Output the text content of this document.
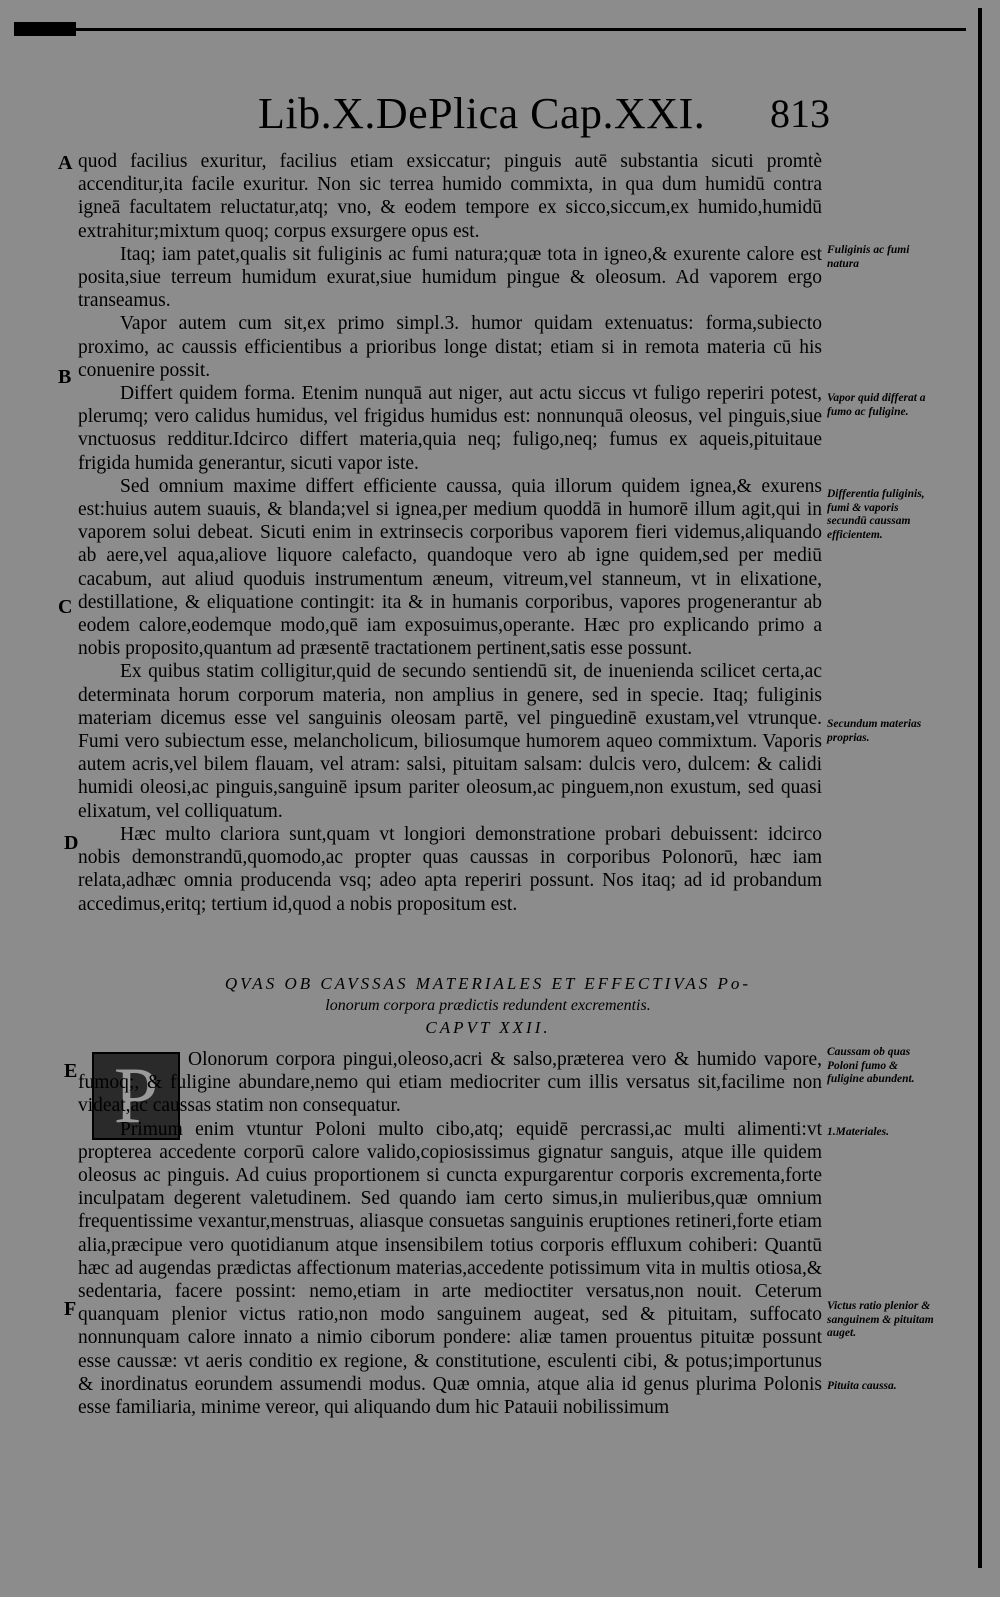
Lib.X.DePlica Cap.XXI. 813
A
B
C
D
E
F

quod facilius exuritur, facilius etiam exsiccatur; pinguis autē substantia sicuti promtè accenditur,ita facile exuritur. Non sic terrea humido commixta, in qua dum humidū contra igneā facultatem reluctatur,atq; vno, & eodem tempore ex sicco,siccum,ex humido,humidū extrahitur;mixtum quoq; corpus exsurgere opus est.

Itaq; iam patet,qualis sit fuliginis ac fumi natura;quæ tota in igneo,& exurente calore est posita,siue terreum humidum exurat,siue humidum pingue & oleosum. Ad vaporem ergo transeamus.

Vapor autem cum sit,ex primo simpl.3. humor quidam extenuatus: forma,subiecto proximo, ac caussis efficientibus a prioribus longe distat; etiam si in remota materia cū his conuenire possit.

Differt quidem forma. Etenim nunquā aut niger, aut actu siccus vt fuligo reperiri potest, plerumq; vero calidus humidus, vel frigidus humidus est: nonnunquā oleosus, vel pinguis,siue vnctuosus redditur.Idcirco differt materia,quia neq; fuligo,neq; fumus ex aqueis,pituitaue frigida humida generantur, sicuti vapor iste.

Sed omnium maxime differt efficiente caussa, quia illorum quidem ignea,& exurens est:huius autem suauis, & blanda;vel si ignea,per medium quoddā in humorē illum agit,qui in vaporem solui debeat. Sicuti enim in extrinsecis corporibus vaporem fieri videmus,aliquando ab aere,vel aqua,aliove liquore calefacto, quandoque vero ab igne quidem,sed per mediū cacabum, aut aliud quoduis instrumentum æneum, vitreum,vel stanneum, vt in elixatione, destillatione, & eliquatione contingit: ita & in humanis corporibus, vapores progenerantur ab eodem calore,eodemque modo,quē iam exposuimus,operante. Hæc pro explicando primo a nobis proposito,quantum ad præsentē tractationem pertinent,satis esse possunt.

Ex quibus statim colligitur,quid de secundo sentiendū sit, de inuenienda scilicet certa,ac determinata horum corporum materia, non amplius in genere, sed in specie. Itaq; fuliginis materiam dicemus esse vel sanguinis oleosam partē, vel pinguedinē exustam,vel vtrunque. Fumi vero subiectum esse, melancholicum, biliosumque humorem aqueo commixtum. Vaporis autem acris,vel bilem flauam, vel atram: salsi, pituitam salsam: dulcis vero, dulcem: & calidi humidi oleosi,ac pinguis,sanguinē ipsum pariter oleosum,ac pinguem,non exustum, sed quasi elixatum, vel colliquatum.

Hæc multo clariora sunt,quam vt longiori demonstratione probari debuissent: idcirco nobis demonstrandū,quomodo,ac propter quas caussas in corporibus Polonorū, hæc iam relata,adhæc omnia producenda vsq; adeo apta reperiri possunt. Nos itaq; ad id probandum accedimus,eritq; tertium id,quod a nobis propositum est.

QVAS OB CAVSSAS MATERIALES ET EFFECTIVAS Po-
lonorum corpora prædictis redundent excrementis.
CAPVT XXII.
P	Olonorum corpora pingui,oleoso,acri & salso,præterea vero & humido vapore, fumoq;, & fuligine abundare,nemo qui etiam mediocriter cum illis versatus sit,facilime non videat,ac caussas statim non consequatur.

Primum enim vtuntur Poloni multo cibo,atq; equidē percrassi,ac multi alimenti:vt propterea accedente corporū calore valido,copiosissimus gignatur sanguis, atque ille quidem oleosus ac pinguis. Ad cuius proportionem si cuncta expurgarentur corporis excrementa,forte inculpatam degerent valetudinem. Sed quando iam certo simus,in mulieribus,quæ omnium frequentissime vexantur,menstruas, aliasque consuetas sanguinis eruptiones retineri,forte etiam alia,præcipue vero quotidianum atque insensibilem totius corporis effluxum cohiberi: Quantū hæc ad augendas prædictas affectionum materias,accedente potissimum vita in multis otiosa,& sedentaria, facere possint: nemo,etiam in arte medioctiter versatus,non nouit. Ceterum quanquam plenior victus ratio,non modo sanguinem augeat, sed & pituitam, suffocato nonnunquam calore innato a nimio ciborum pondere: aliæ tamen prouentus pituitæ possunt esse caussæ: vt aeris conditio ex regione, & constitutione, esculenti cibi, & potus;importunus & inordinatus eorundem assumendi modus. Quæ omnia, atque alia id genus plurima Polonis esse familiaria, minime vereor, qui aliquando dum hic Patauii nobilissimum

Fuliginis ac fumi natura
Vapor quid differat a fumo ac fuligine.
Differentia fuliginis, fumi & vaporis secundū caussam efficientem.
Secundum materias proprias.
Caussam ob quas Poloni fumo & fuligine abundent.
1.Materiales.
Victus ratio plenior & sanguinem & pituitam auget.
Pituita caussa.
